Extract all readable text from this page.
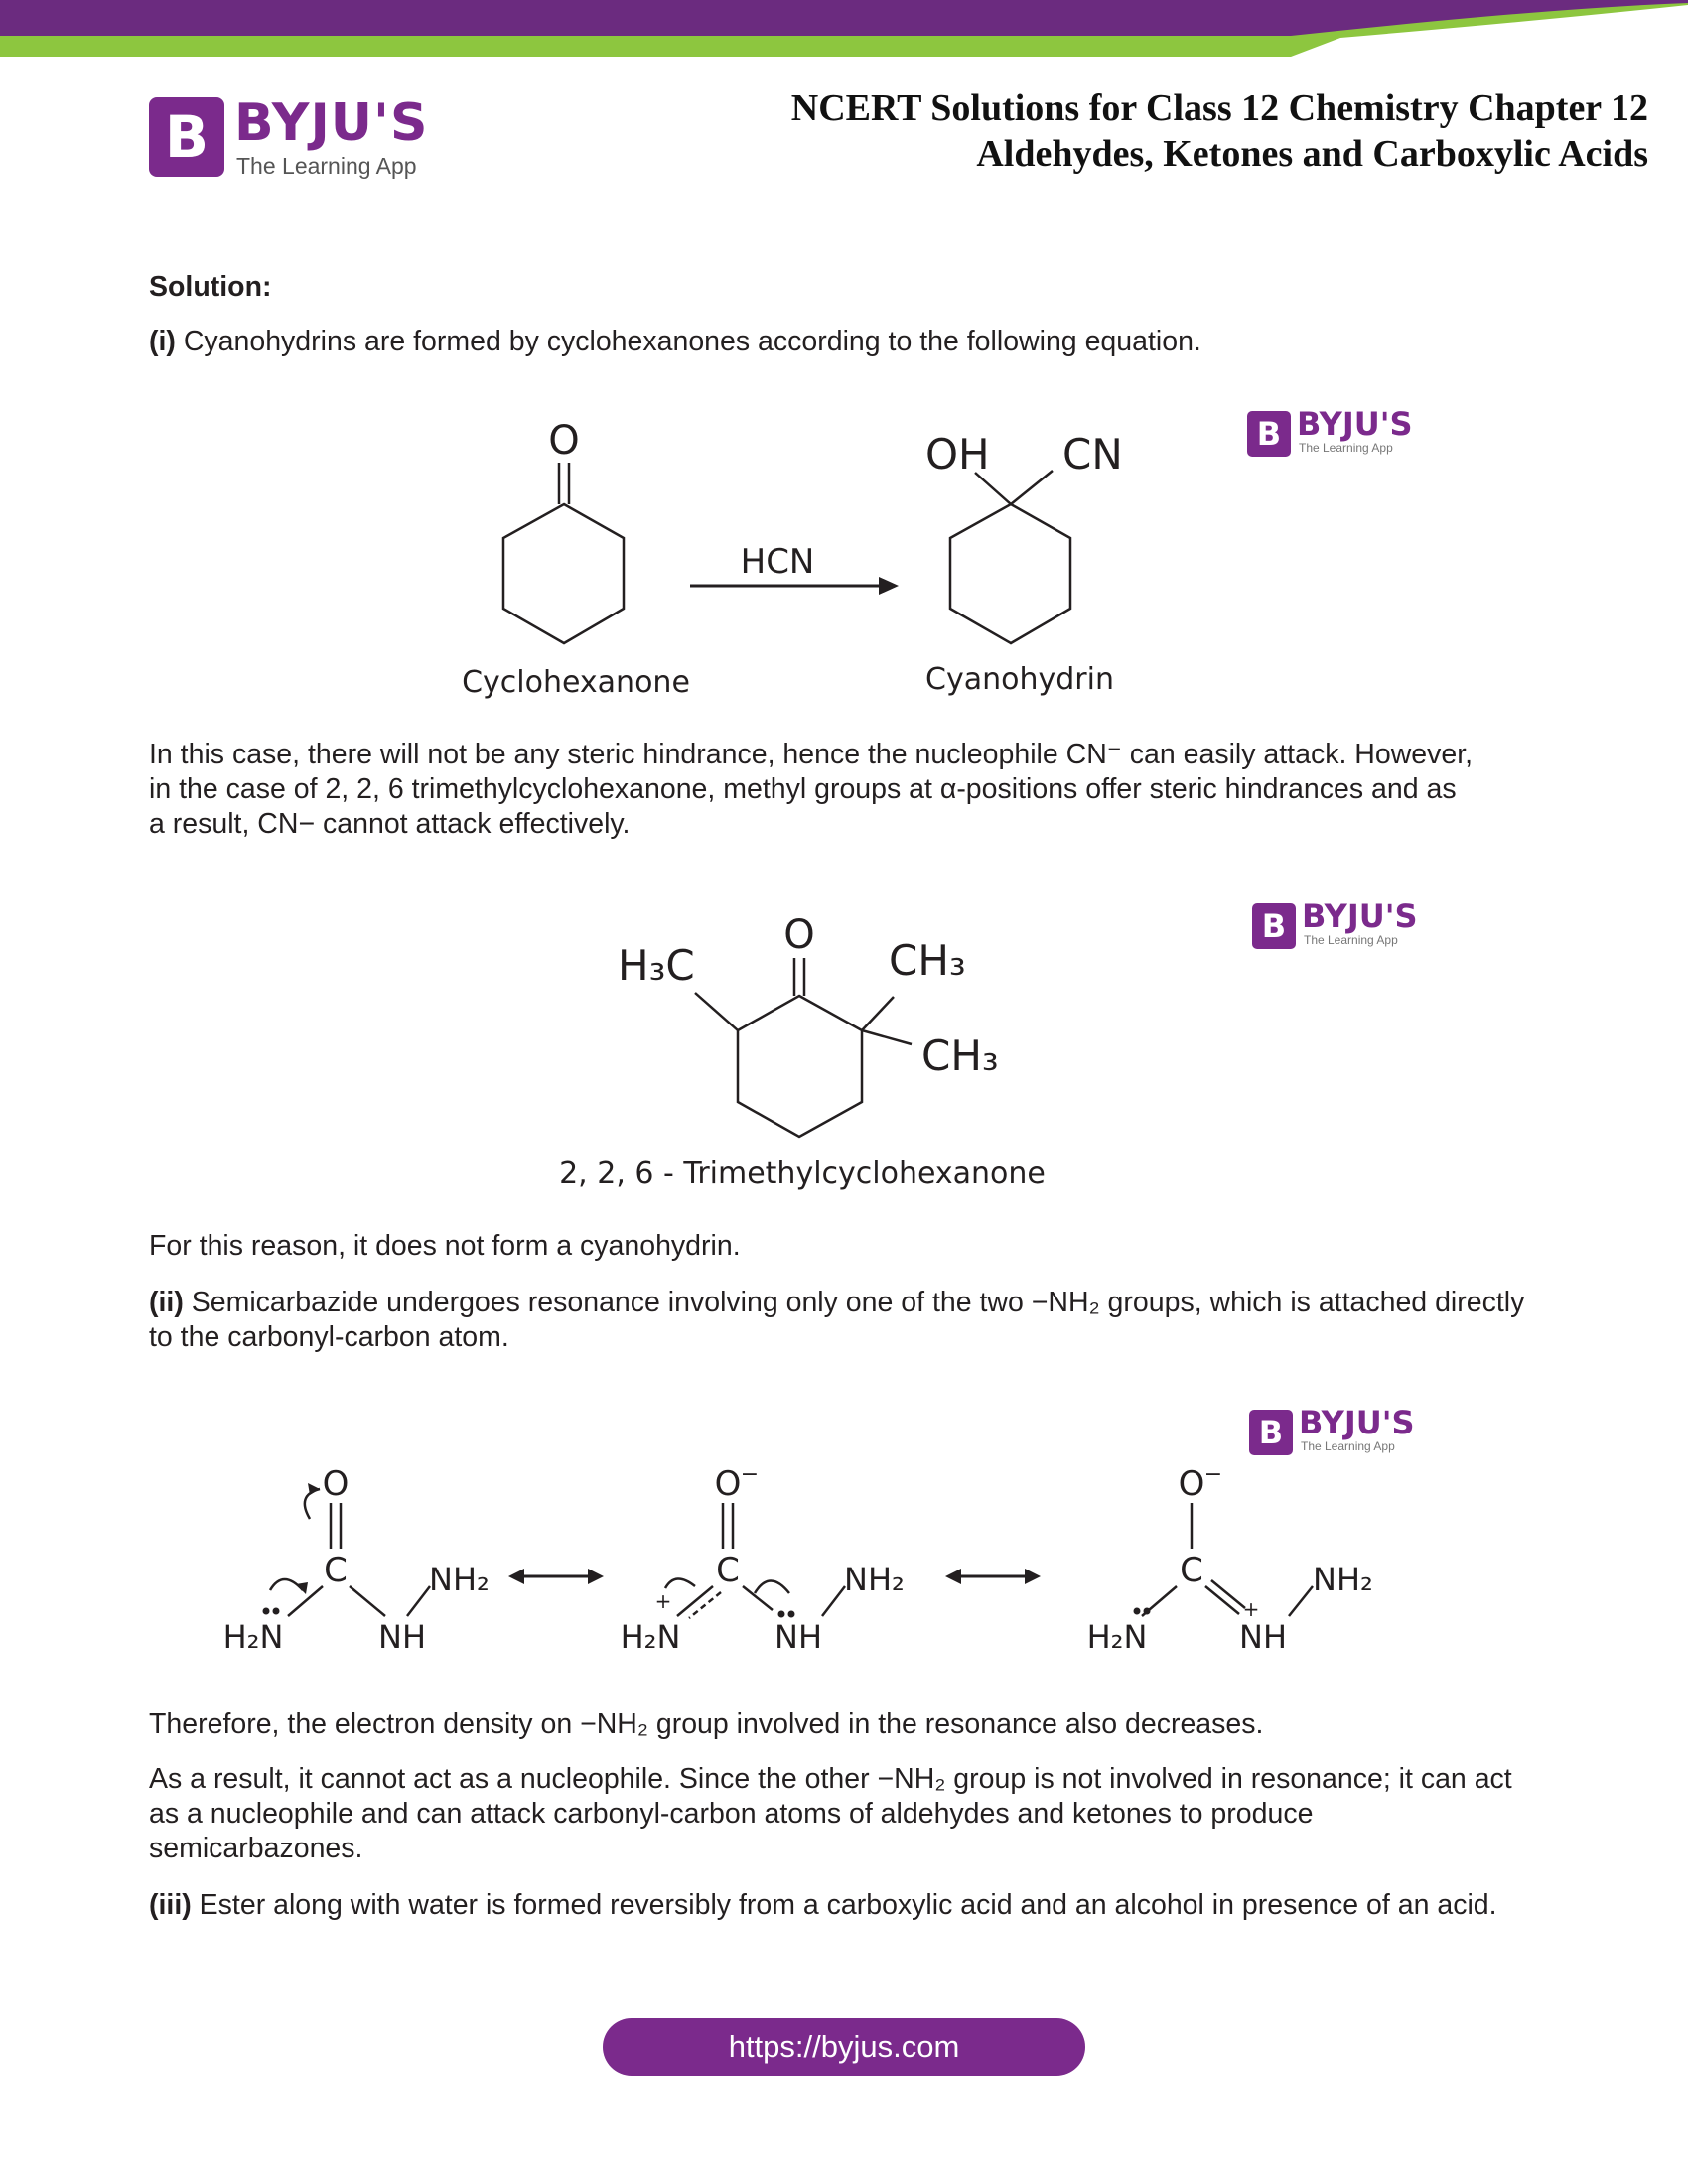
B BYJU'S
The Learning App
NCERT Solutions for Class 12 Chemistry Chapter 12
Aldehydes, Ketones and Carboxylic Acids
Solution:
(i) Cyanohydrins are formed by cyclohexanones according to the following equation.
O
HCN
OH CN
Cyclohexanone	Cyanohydrin
B BYJU'S
The Learning App
In this case, there will not be any steric hindrance, hence the nucleophile CN⁻ can easily attack. However, in the case of 2, 2, 6 trimethylcyclohexanone, methyl groups at α-positions offer steric hindrances and as a result, CN− cannot attack effectively.
O
H₃C	CH₃
CH₃
2, 2, 6 - Trimethylcyclohexanone
B BYJU'S
The Learning App
For this reason, it does not form a cyanohydrin.
(ii) Semicarbazide undergoes resonance involving only one of the two −NH₂ groups, which is attached directly to the carbonyl-carbon atom.
O
C
H₂N	NH
NH₂
O −
C
+
H₂N	NH
NH₂
O −
C
H₂N
+
NH
NH₂
B BYJU'S
The Learning App
Therefore, the electron density on −NH₂ group involved in the resonance also decreases.
As a result, it cannot act as a nucleophile. Since the other −NH₂ group is not involved in resonance; it can act as a nucleophile and can attack carbonyl-carbon atoms of aldehydes and ketones to produce semicarbazones.
(iii) Ester along with water is formed reversibly from a carboxylic acid and an alcohol in presence of an acid.
https://byjus.com
